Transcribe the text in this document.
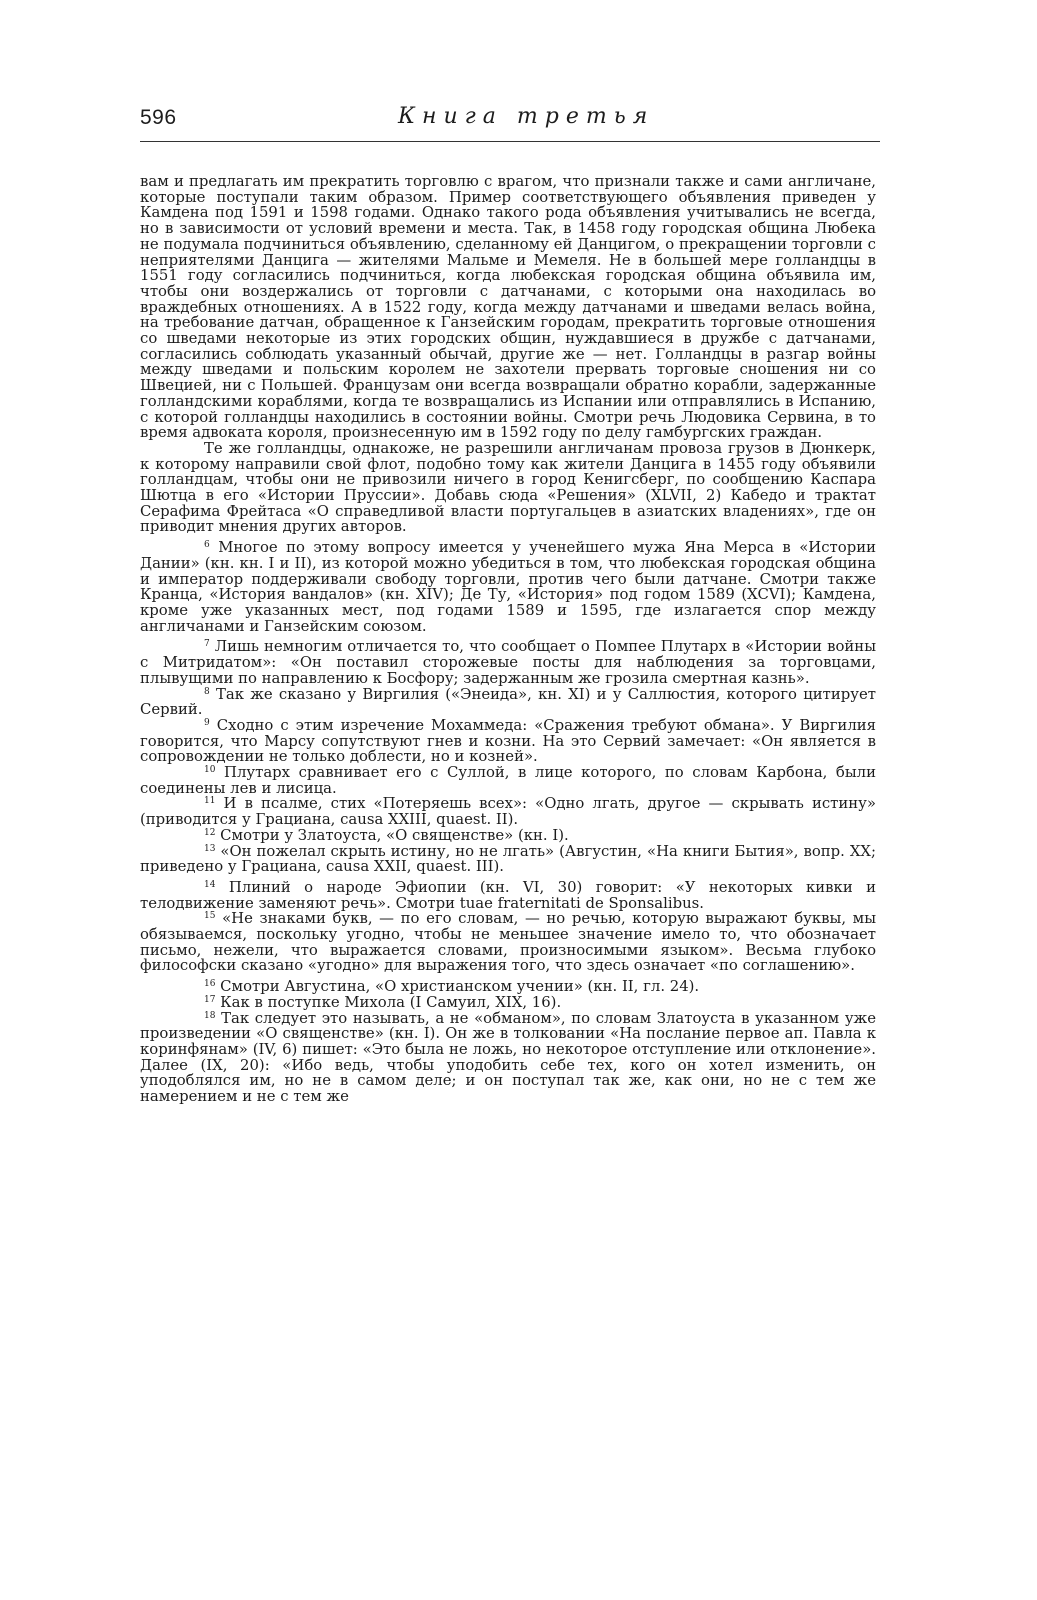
596	Книга третья

вам и предлагать им прекратить торговлю с врагом, что признали также и сами англичане, которые поступали таким образом. Пример соответствующего объявления приведен у Камдена под 1591 и 1598 годами. Однако такого рода объявления учитывались не всегда, но в зависимости от условий времени и места. Так, в 1458 году городская община Любека не подумала подчиниться объявлению, сделанному ей Данцигом, о прекращении торговли с неприятелями Данцига — жителями Мальме и Мемеля. Не в большей мере голландцы в 1551 году согласились подчиниться, когда любекская городская община объявила им, чтобы они воздержались от торговли с датчанами, с которыми она находилась во враждебных отношениях. А в 1522 году, когда между датчанами и шведами велась война, на требование датчан, обращенное к Ганзейским городам, прекратить торговые отношения со шведами некоторые из этих городских общин, нуждавшиеся в дружбе с датчанами, согласились соблюдать указанный обычай, другие же — нет. Голландцы в разгар войны между шведами и польским королем не захотели прервать торговые сношения ни со Швецией, ни с Польшей. Французам они всегда возвращали обратно корабли, задержанные голландскими кораблями, когда те возвращались из Испании или отправлялись в Испанию, с которой голландцы находились в состоянии войны. Смотри речь Людовика Сервина, в то время адвоката короля, произнесенную им в 1592 году по делу гамбургских граждан.

Те же голландцы, однакоже, не разрешили англичанам провоза грузов в Дюнкерк, к которому направили свой флот, подобно тому как жители Данцига в 1455 году объявили голландцам, чтобы они не привозили ничего в город Кенигсберг, по сообщению Каспара Шютца в его «Истории Пруссии». Добавь сюда «Решения» (XLVII, 2) Кабедо и трактат Серафима Фрейтаса «О справедливой власти португальцев в азиатских владениях», где он приводит мнения других авторов.

$^6$ Многое по этому вопросу имеется у ученейшего мужа Яна Мерса в «Истории Дании» (кн. кн. I и II), из которой можно убедиться в том, что любекская городская община и император поддерживали свободу торговли, против чего были датчане. Смотри также Кранца, «История вандалов» (кн. XIV); Де Ту, «История» под годом 1589 (XCVI); Камдена, кроме уже указанных мест, под годами 1589 и 1595, где излагается спор между англичанами и Ганзейским союзом.

$^7$ Лишь немногим отличается то, что сообщает о Помпее Плутарх в «Истории войны с Митридатом»: «Он поставил сторожевые посты для наблюдения за торговцами, плывущими по направлению к Босфору; задержанным же грозила смертная казнь».

$^8$ Так же сказано у Виргилия («Энеида», кн. XI) и у Саллюстия, которого цитирует Сервий.

$^9$ Сходно с этим изречение Мохаммеда: «Сражения требуют обмана». У Виргилия говорится, что Марсу сопутствуют гнев и козни. На это Сервий замечает: «Он является в сопровождении не только доблести, но и козней».

$^{10}$ Плутарх сравнивает его с Суллой, в лице которого, по словам Карбона, были соединены лев и лисица.

$^{11}$ И в псалме, стих «Потеряешь всех»: «Одно лгать, другое — скрывать истину» (приводится у Грациана, causa XXIII, quaest. II).

$^{12}$ Смотри у Златоуста, «О священстве» (кн. I).

$^{13}$ «Он пожелал скрыть истину, но не лгать» (Августин, «На книги Бытия», вопр. XX; приведено у Грациана, causa XXII, quaest. III).

$^{14}$ Плиний о народе Эфиопии (кн. VI, 30) говорит: «У некоторых кивки и телодвижение заменяют речь». Смотри tuae fraternitati de Sponsalibus.

$^{15}$ «Не знаками букв, — по его словам, — но речью, которую выражают буквы, мы обязываемся, поскольку угодно, чтобы не меньшее значение имело то, что обозначает письмо, нежели, что выражается словами, произносимыми языком». Весьма глубоко философски сказано «угодно» для выражения того, что здесь означает «по соглашению».

$^{16}$ Смотри Августина, «О христианском учении» (кн. II, гл. 24).

$^{17}$ Как в поступке Михола (I Самуил, XIX, 16).

$^{18}$ Так следует это называть, а не «обманом», по словам Златоуста в указанном уже произведении «О священстве» (кн. I). Он же в толковании «На послание первое ап. Павла к коринфянам» (IV, 6) пишет: «Это была не ложь, но некоторое отступление или отклонение». Далее (IX, 20): «Ибо ведь, чтобы уподобить себе тех, кого он хотел изменить, он уподоблялся им, но не в самом деле; и он поступал так же, как они, но не с тем же намерением и не с тем же
